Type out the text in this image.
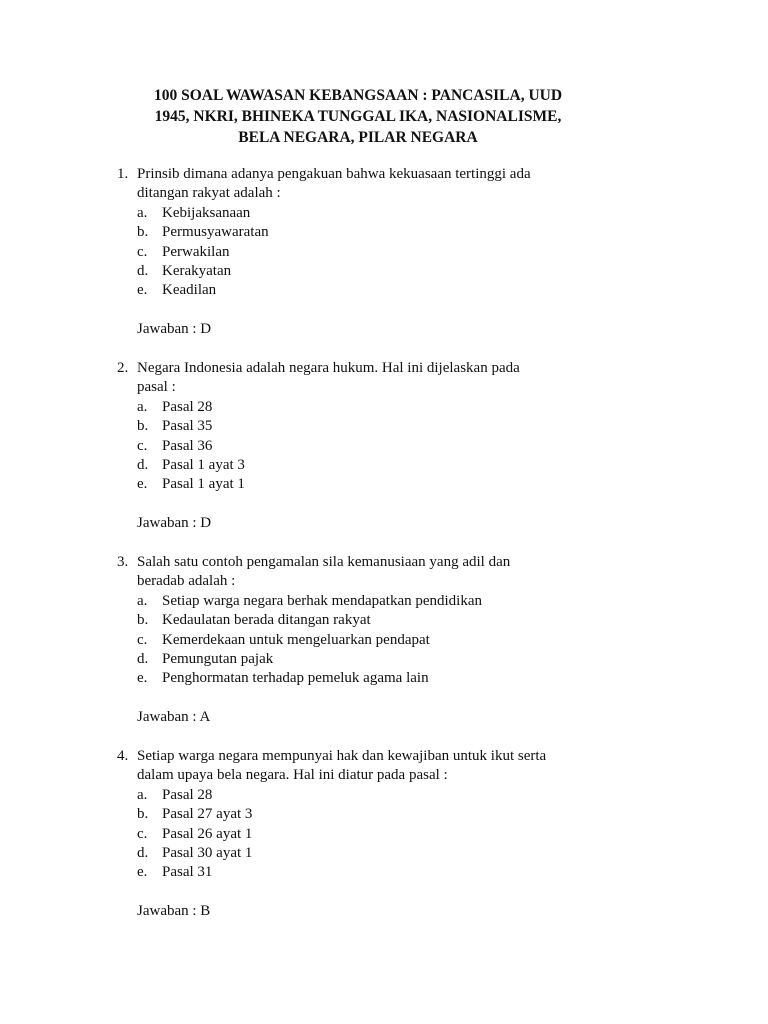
100 SOAL WAWASAN KEBANGSAAN : PANCASILA, UUD
1945, NKRI, BHINEKA TUNGGAL IKA, NASIONALISME,
BELA NEGARA, PILAR NEGARA
1. Prinsib dimana adanya pengakuan bahwa kekuasaan tertinggi ada
ditangan rakyat adalah :
a. Kebijaksanaan
b. Permusyawaratan
c. Perwakilan
d. Kerakyatan
e. Keadilan
Jawaban : D
2. Negara Indonesia adalah negara hukum. Hal ini dijelaskan pada
pasal :
a. Pasal 28
b. Pasal 35
c. Pasal 36
d. Pasal 1 ayat 3
e. Pasal 1 ayat 1
Jawaban : D
3. Salah satu contoh pengamalan sila kemanusiaan yang adil dan
beradab adalah :
a. Setiap warga negara berhak mendapatkan pendidikan
b. Kedaulatan berada ditangan rakyat
c. Kemerdekaan untuk mengeluarkan pendapat
d. Pemungutan pajak
e. Penghormatan terhadap pemeluk agama lain
Jawaban : A
4. Setiap warga negara mempunyai hak dan kewajiban untuk ikut serta
dalam upaya bela negara. Hal ini diatur pada pasal :
a. Pasal 28
b. Pasal 27 ayat 3
c. Pasal 26 ayat 1
d. Pasal 30 ayat 1
e. Pasal 31
Jawaban : B
